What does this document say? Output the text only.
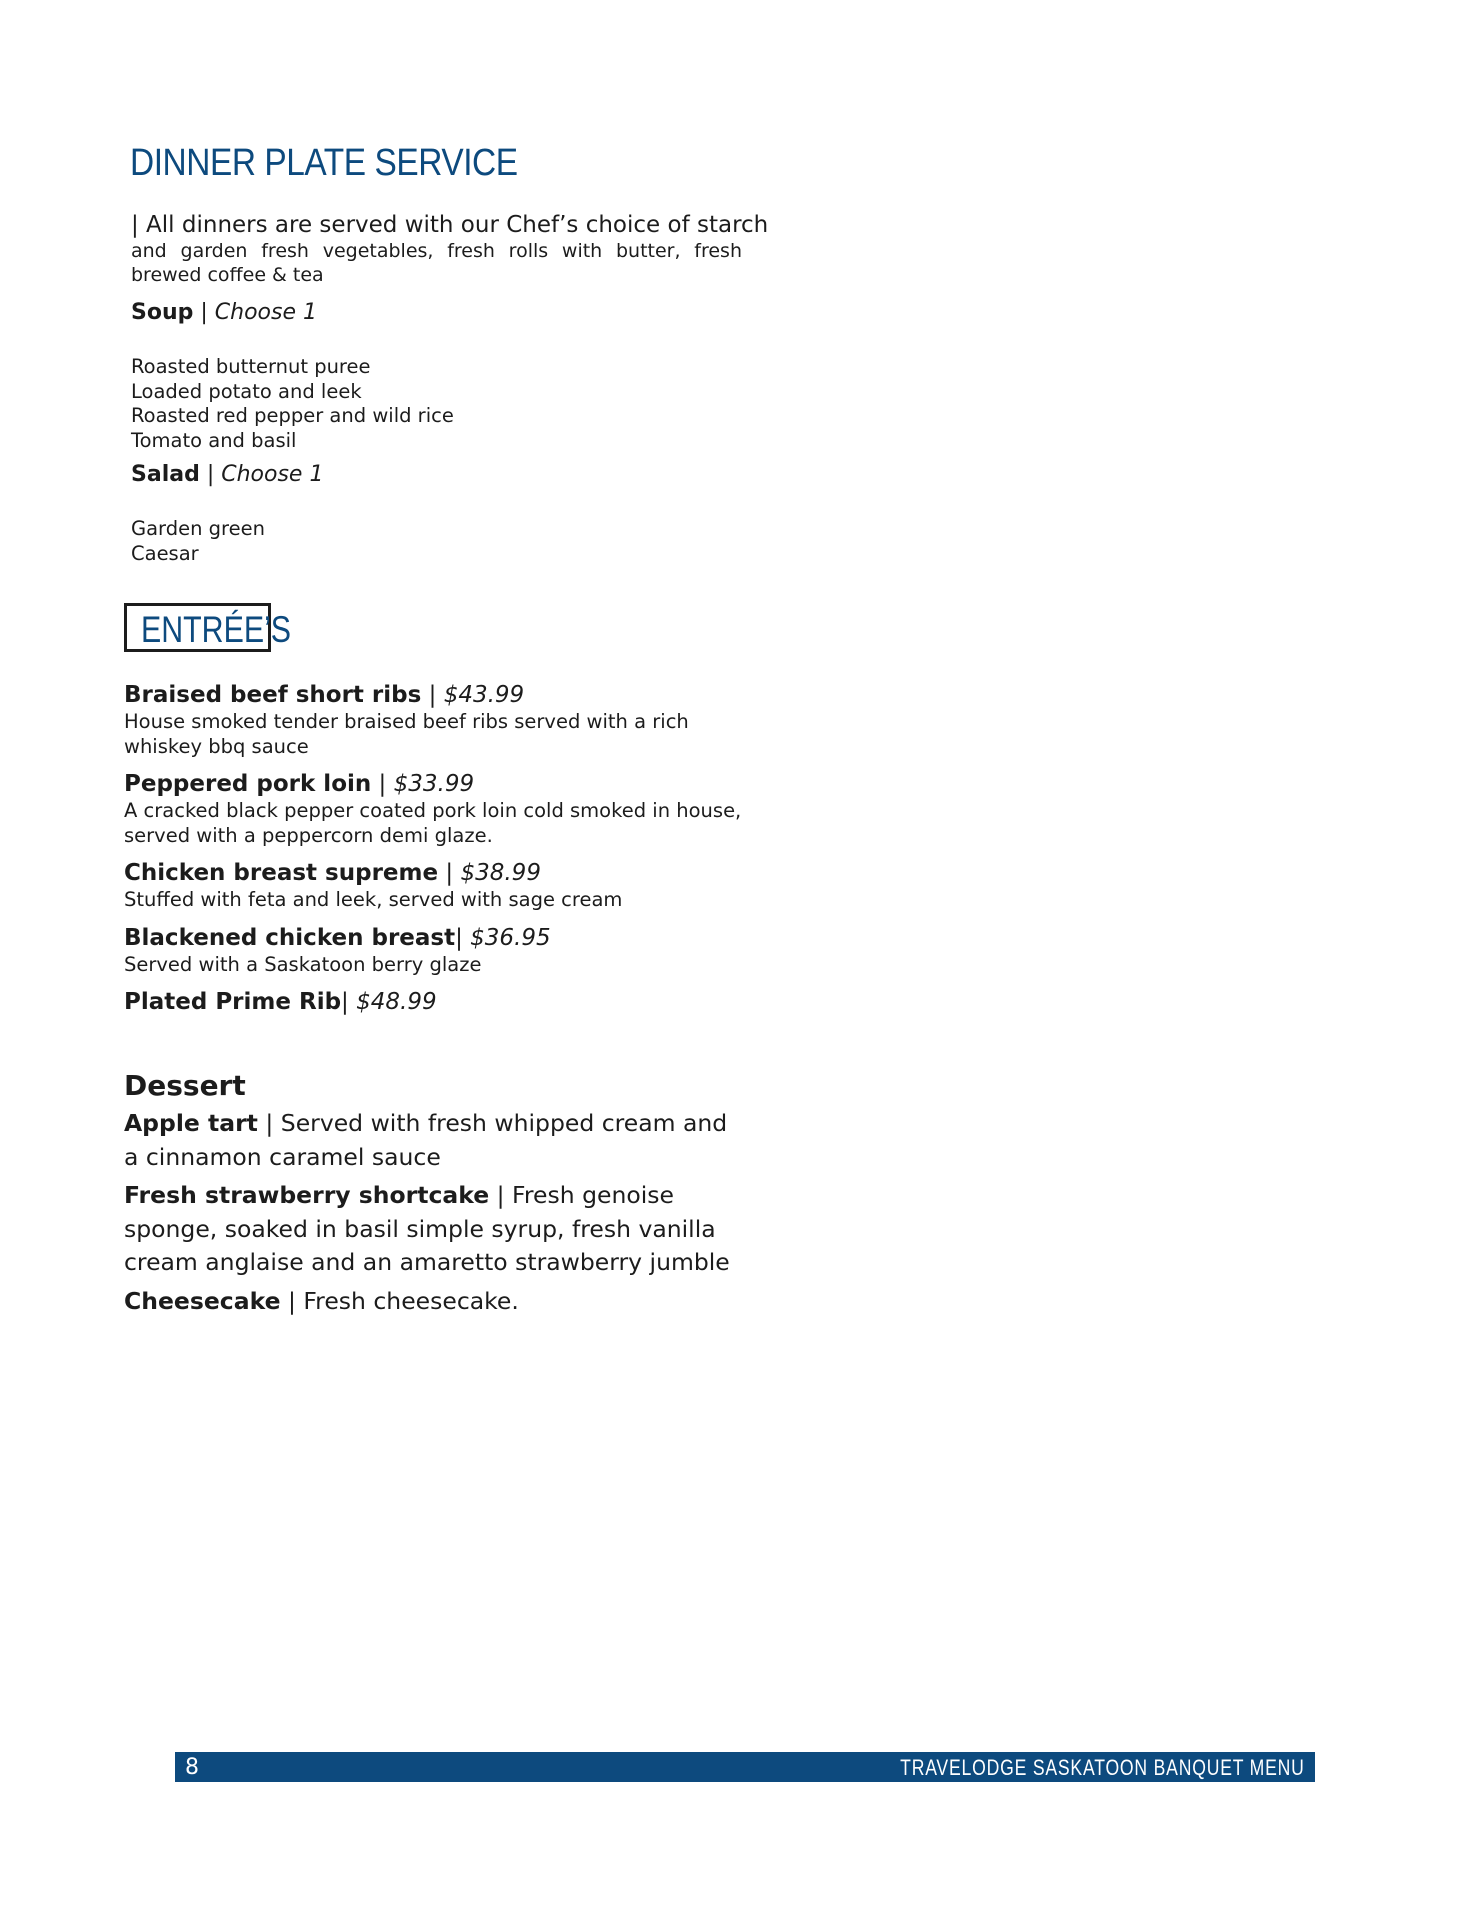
DINNER PLATE SERVICE
| All dinners are served with our Chef’s choice of starch
and garden fresh vegetables, fresh rolls with butter, fresh brewed coffee & tea
Soup | Choose 1
Roasted butternut puree
Loaded potato and leek
Roasted red pepper and wild rice
Tomato and basil
Salad | Choose 1
Garden green
Caesar
ENTRÉE’S
Braised beef short ribs | $43.99
House smoked tender braised beef ribs served with a rich whiskey bbq sauce
Peppered pork loin | $33.99
A cracked black pepper coated pork loin cold smoked in house, served with a peppercorn demi glaze.
Chicken breast supreme | $38.99
Stuffed with feta and leek, served with sage cream
Blackened chicken breast| $36.95
Served with a Saskatoon berry glaze
Plated Prime Rib| $48.99
Dessert
Apple tart | Served with fresh whipped cream and a cinnamon caramel sauce
Fresh strawberry shortcake | Fresh genoise sponge, soaked in basil simple syrup, fresh vanilla cream anglaise and an amaretto strawberry jumble
Cheesecake | Fresh cheesecake.
8	TRAVELODGE SASKATOON BANQUET MENU
